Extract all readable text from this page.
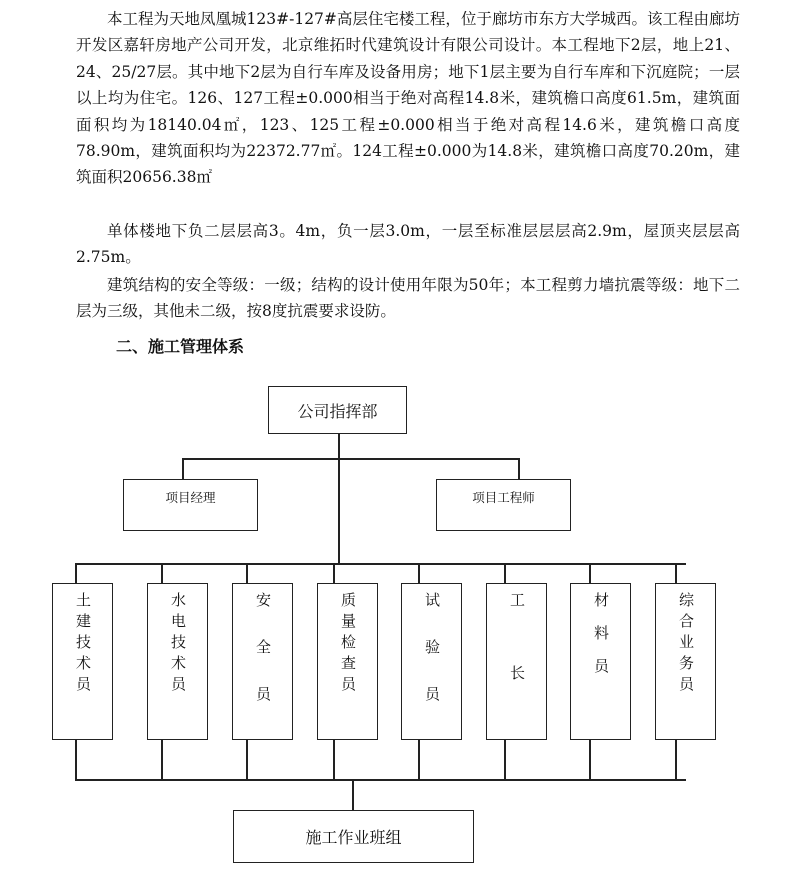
本工程为天地凤凰城123#-127#高层住宅楼工程，位于廊坊市东方大学城西。该工程由廊坊开发区嘉轩房地产公司开发，北京维拓时代建筑设计有限公司设计。本工程地下2层，地上21、24、25/27层。其中地下2层为自行车库及设备用房；地下1层主要为自行车库和下沉庭院；一层以上均为住宅。126、127工程±0.000相当于绝对高程14.8米，建筑檐口高度61.5m，建筑面面积均为18140.04㎡，123、125工程±0.000相当于绝对高程14.6米，建筑檐口高度78.90m，建筑面积均为22372.77㎡。124工程±0.000为14.8米，建筑檐口高度70.20m，建筑面积20656.38㎡

单体楼地下负二层层高3。4m，负一层3.0m，一层至标准层层层高2.9m，屋顶夹层层高2.75m。

建筑结构的安全等级：一级；结构的设计使用年限为50年；本工程剪力墙抗震等级：地下二层为三级，其他未二级，按8度抗震要求设防。

二、施工管理体系
公司指挥部
项目经理	项目工程师
土建技术员	水电技术员	安全员	质量检查员	试验员	工长	材料员	综合业务员
施工作业班组
